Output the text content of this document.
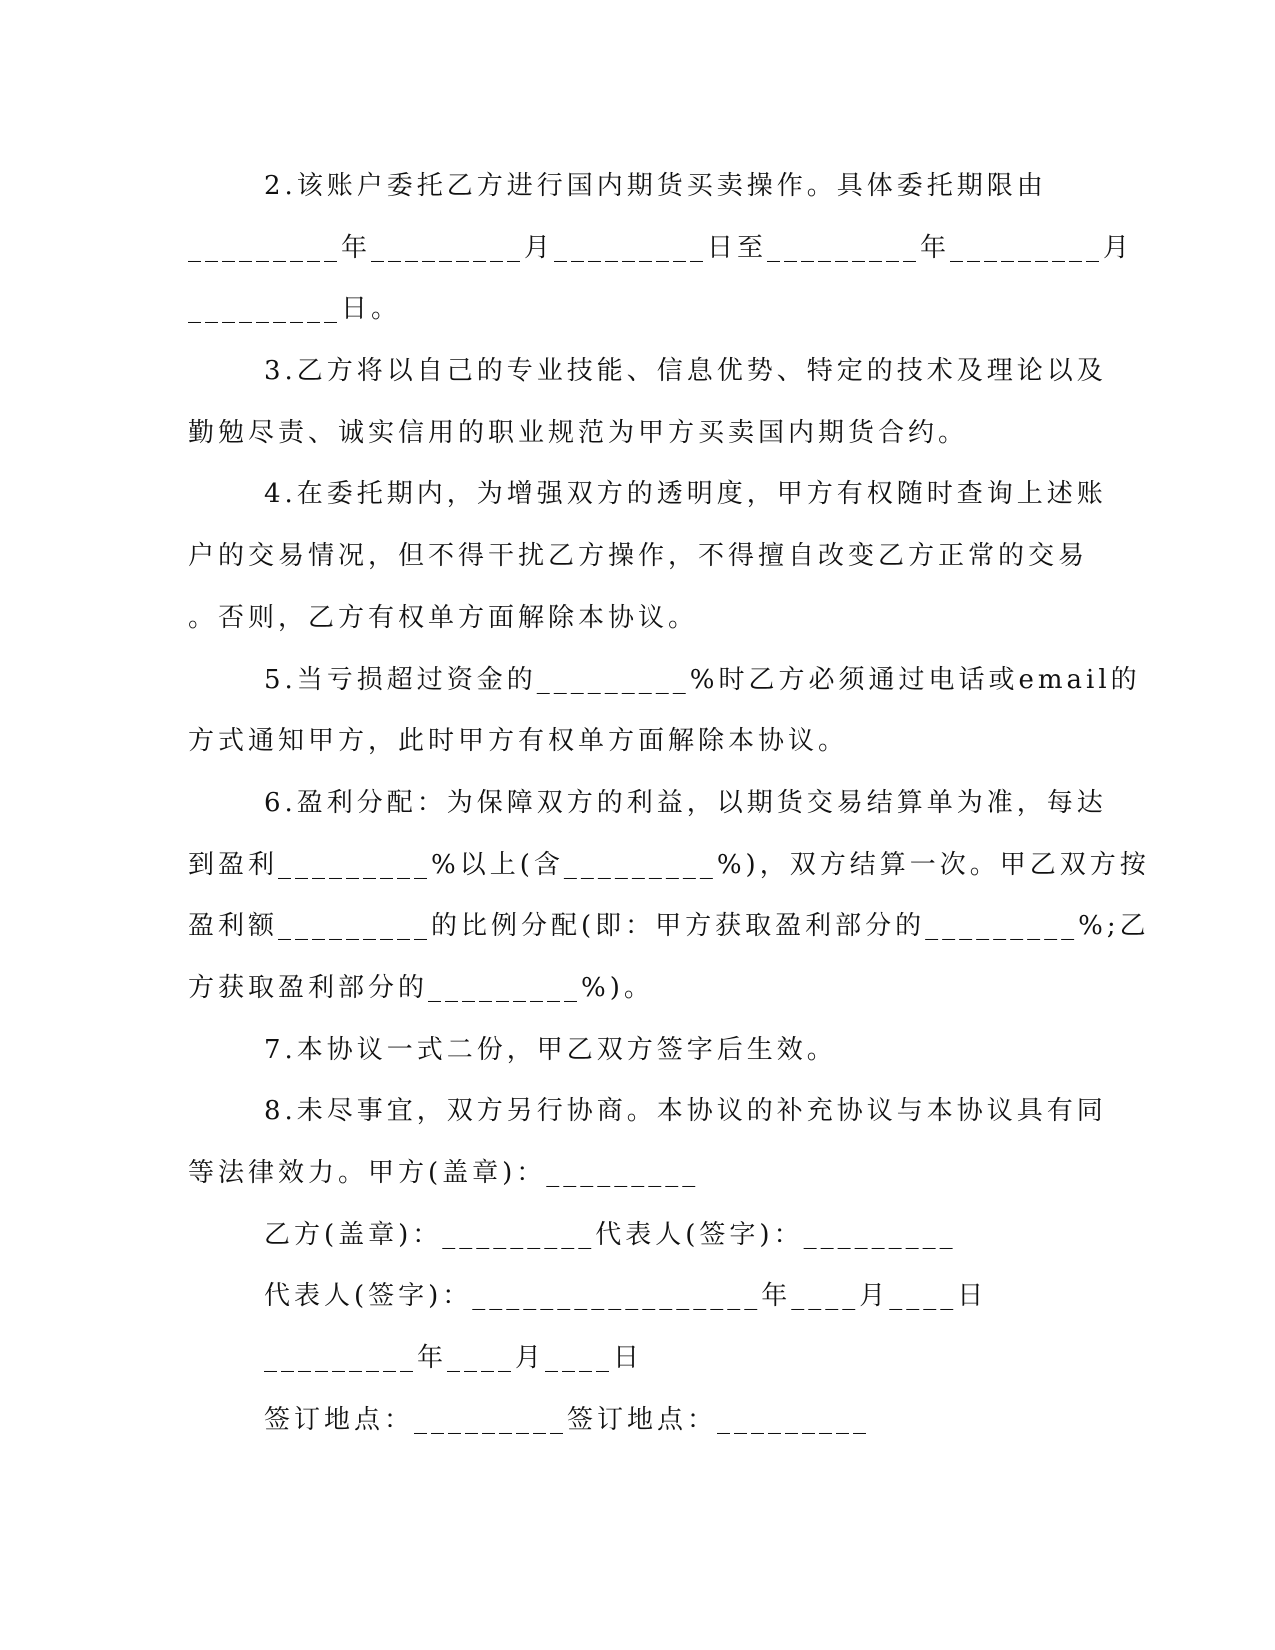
2.该账户委托乙方进行国内期货买卖操作。具体委托期限由
_________年_________月_________日至_________年_________月
_________日。
3.乙方将以自己的专业技能、信息优势、特定的技术及理论以及
勤勉尽责、诚实信用的职业规范为甲方买卖国内期货合约。
4.在委托期内，为增强双方的透明度，甲方有权随时查询上述账
户的交易情况，但不得干扰乙方操作，不得擅自改变乙方正常的交易
。否则，乙方有权单方面解除本协议。
5.当亏损超过资金的_________%时乙方必须通过电话或email的
方式通知甲方，此时甲方有权单方面解除本协议。
6.盈利分配：为保障双方的利益，以期货交易结算单为准，每达
到盈利_________%以上(含_________%)，双方结算一次。甲乙双方按
盈利额_________的比例分配(即：甲方获取盈利部分的_________%;乙
方获取盈利部分的_________%)。
7.本协议一式二份，甲乙双方签字后生效。
8.未尽事宜，双方另行协商。本协议的补充协议与本协议具有同
等法律效力。甲方(盖章)：_________
乙方(盖章)：_________代表人(签字)：_________
代表人(签字)：_________________年____月____日
_________年____月____日
签订地点：_________签订地点：_________
